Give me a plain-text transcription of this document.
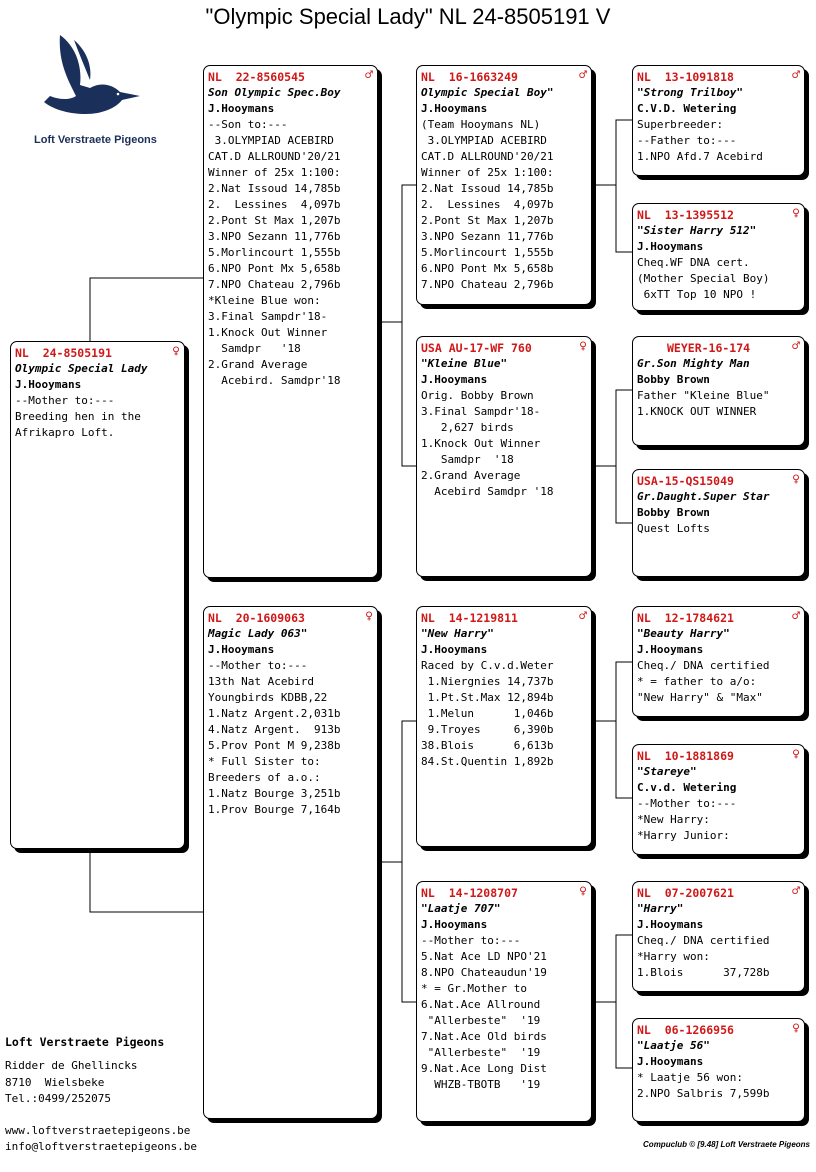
"Olympic Special Lady" NL 24-8505191 V
Loft Verstraete Pigeons
NL  24-8505191	♀
Olympic Special Lady
J.Hooymans
--Mother to:---
Breeding hen in the
Afrikapro Loft.
NL  22-8560545	♂
Son Olympic Spec.Boy
J.Hooymans
--Son to:---
3.OLYMPIAD ACEBIRD
CAT.D ALLROUND'20/21
Winner of 25x 1:100:
2.Nat Issoud 14,785b
2.  Lessines  4,097b
2.Pont St Max 1,207b
3.NPO Sezann 11,776b
5.Morlincourt 1,555b
6.NPO Pont Mx 5,658b
7.NPO Chateau 2,796b
*Kleine Blue won:
3.Final Sampdr'18-
1.Knock Out Winner
Samdpr   '18
2.Grand Average
Acebird. Samdpr'18
NL  20-1609063	♀
Magic Lady 063"
J.Hooymans
--Mother to:---
13th Nat Acebird
Youngbirds KDBB,22
1.Natz Argent.2,031b
4.Natz Argent.  913b
5.Prov Pont M 9,238b
* Full Sister to:
Breeders of a.o.:
1.Natz Bourge 3,251b
1.Prov Bourge 7,164b
NL  16-1663249	♂
Olympic Special Boy"
J.Hooymans
(Team Hooymans NL)
3.OLYMPIAD ACEBIRD
CAT.D ALLROUND'20/21
Winner of 25x 1:100:
2.Nat Issoud 14,785b
2.  Lessines  4,097b
2.Pont St Max 1,207b
3.NPO Sezann 11,776b
5.Morlincourt 1,555b
6.NPO Pont Mx 5,658b
7.NPO Chateau 2,796b
USA AU-17-WF 760	♀
"Kleine Blue"
J.Hooymans
Orig. Bobby Brown
3.Final Sampdr'18-
2,627 birds
1.Knock Out Winner
Samdpr  '18
2.Grand Average
Acebird Samdpr '18
NL  14-1219811	♂
"New Harry"
J.Hooymans
Raced by C.v.d.Weter
1.Niergnies 14,737b
1.Pt.St.Max 12,894b
1.Melun      1,046b
9.Troyes     6,390b
38.Blois      6,613b
84.St.Quentin 1,892b
NL  14-1208707	♀
"Laatje 707"
J.Hooymans
--Mother to:---
5.Nat Ace LD NPO'21
8.NPO Chateaudun'19
* = Gr.Mother to
6.Nat.Ace Allround
"Allerbeste"  '19
7.Nat.Ace Old birds
"Allerbeste"  '19
9.Nat.Ace Long Dist
WHZB-TBOTB   '19
NL  13-1091818	♂
"Strong Trilboy"
C.V.D. Wetering
Superbreeder:
--Father to:---
1.NPO Afd.7 Acebird
NL  13-1395512	♀
"Sister Harry 512"
J.Hooymans
Cheq.WF DNA cert.
(Mother Special Boy)
6xTT Top 10 NPO !
WEYER-16-174	♂
Gr.Son Mighty Man
Bobby Brown
Father "Kleine Blue"
1.KNOCK OUT WINNER
USA-15-QS15049	♀
Gr.Daught.Super Star
Bobby Brown
Quest Lofts
NL  12-1784621	♂
"Beauty Harry"
J.Hooymans
Cheq./ DNA certified
* = father to a/o:
"New Harry" & "Max"
NL  10-1881869	♀
"Stareye"
C.v.d. Wetering
--Mother to:---
*New Harry:
*Harry Junior:
NL  07-2007621	♂
"Harry"
J.Hooymans
Cheq./ DNA certified
*Harry won:
1.Blois      37,728b
NL  06-1266956	♀
"Laatje 56"
J.Hooymans
* Laatje 56 won:
2.NPO Salbris 7,599b
Loft Verstraete Pigeons
Ridder de Ghellincks
8710  Wielsbeke
Tel.:0499/252075
www.loftverstraetepigeons.be
info@loftverstraetepigeons.be	Compuclub © [9.48] Loft Verstraete Pigeons
